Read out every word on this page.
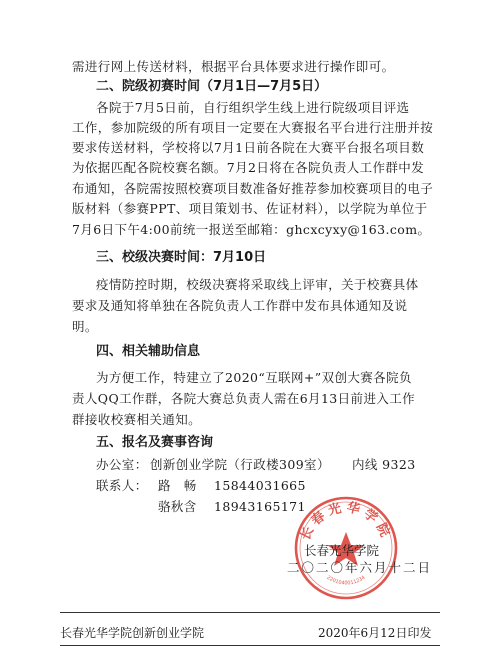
需进行网上传送材料，根据平台具体要求进行操作即可。
二、院级初赛时间（7月1日—7月5日）
各院于7月5日前，自行组织学生线上进行院级项目评选
工作，参加院级的所有项目一定要在大赛报名平台进行注册并按
要求传送材料，学校将以7月1日前各院在大赛平台报名项目数
为依据匹配各院校赛名额。7月2日将在各院负责人工作群中发
布通知，各院需按照校赛项目数准备好推荐参加校赛项目的电子
版材料（参赛PPT、项目策划书、佐证材料），以学院为单位于
7月6日下午4:00前统一报送至邮箱：ghcxcyxy@163.com。
三、校级决赛时间：7月10日
疫情防控时期，校级决赛将采取线上评审，关于校赛具体
要求及通知将单独在各院负责人工作群中发布具体通知及说
明。
四、相关辅助信息
为方便工作，特建立了2020“互联网+”双创大赛各院负
责人QQ工作群，各院大赛总负责人需在6月13日前进入工作
群接收校赛相关通知。
五、报名及赛事咨询
办公室： 创新创业学院（行政楼309室） 内线 9323
联系人： 路　畅 15844031665
骆秋含 18943165171
长春光华学院
2201040011234
长春光华学院
二〇二〇年六月十二日
长春光华学院创新创业学院	2020年6月12日印发
